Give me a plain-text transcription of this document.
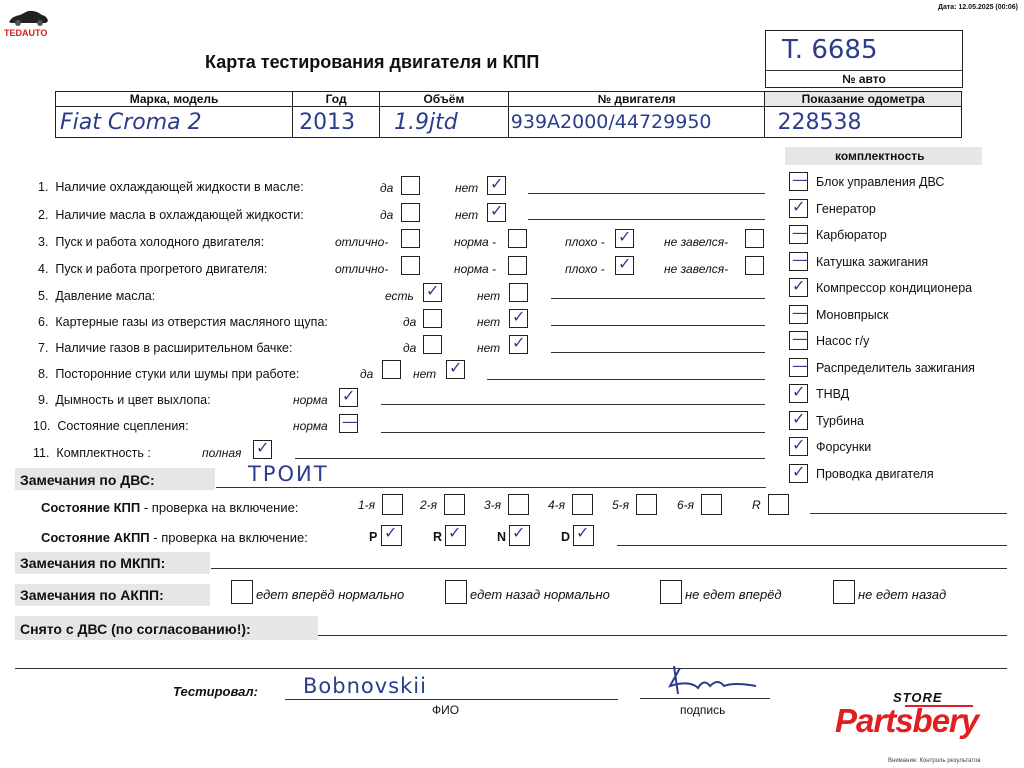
TEDAUTO
Дата: 12.05.2025 (00:06)
Карта тестирования двигателя и КПП	T. 6685
№ авто
Марка, модель	Год	Объём	№ двигателя	Показание одометра
Fiat Croma 2	2013	1.9jtd	939A2000/44729950	228538
комплектность
— Блок управления ДВС
✓ Генератор
— Карбюратор
— Катушка зажигания
✓ Компрессор кондиционера
— Моновпрыск
— Насос г/у
— Распределитель зажигания
✓ ТНВД
✓ Турбина
✓ Форсунки
✓ Проводка двигателя
1. Наличие охлаждающей жидкости в масле:	да	нет ✓
2. Наличие масла в охлаждающей жидкости:	да	нет ✓
3. Пуск и работа холодного двигателя:	отлично-	норма -	плохо - ✓	не завелся-
4. Пуск и работа прогретого двигателя:	отлично-	норма -	плохо - ✓	не завелся-
5. Давление масла:	есть ✓	нет
6. Картерные газы из отверстия масляного щупа:	да	нет ✓
7. Наличие газов в расширительном бачке:	да	нет ✓
8. Посторонние стуки или шумы при работе:	да	нет ✓
9. Дымность и цвет выхлопа:	норма ✓
10. Состояние сцепления:	норма —
11. Комплектность :	полная ✓
Замечания по ДВС:	ТРОИТ
Состояние КПП - проверка на включение:	1-я	2-я	3-я	4-я	5-я	6-я	R
Состояние АКПП - проверка на включение:	P ✓	R ✓	N ✓	D ✓
Замечания по МКПП:
Замечания по АКПП:	едет вперёд нормально	едет назад нормально	не едет вперёд	не едет назад
Снято с ДВС (по согласованию!):
Тестировал: Bobnovskii
ФИО	подпись
STORE
Partsbery
Внимание: Контроль результатов
